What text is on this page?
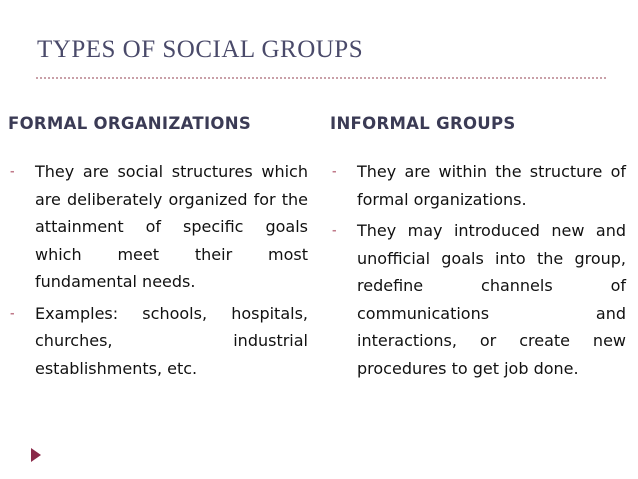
TYPES OF SOCIAL GROUPS
FORMAL ORGANIZATIONS	INFORMAL GROUPS
-	They are social structures which are deliberately organized for the attainment of specific goals which meet their most fundamental needs.
-	Examples: schools, hospitals, churches, industrial establishments, etc.
-	They are within the structure of formal organizations.
-	They may introduced new and unofficial goals into the group, redefine channels of communications and interactions, or create new procedures to get job done.
